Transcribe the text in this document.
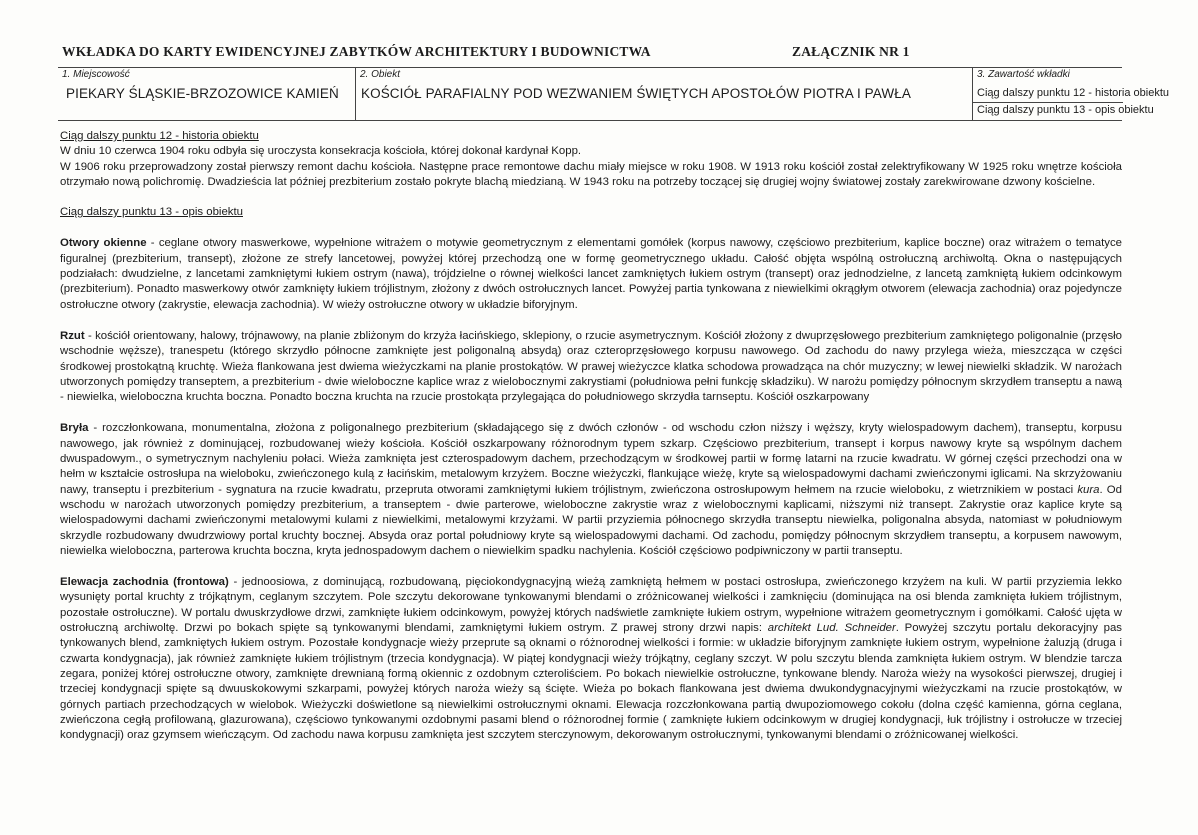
WKŁADKA DO KARTY EWIDENCYJNEJ ZABYTKÓW ARCHITEKTURY I BUDOWNICTWA	ZAŁĄCZNIK NR 1
1. Miejscowość
PIEKARY ŚLĄSKIE-BRZOZOWICE KAMIEŃ
2. Obiekt
KOŚCIÓŁ PARAFIALNY POD WEZWANIEM ŚWIĘTYCH APOSTOŁÓW PIOTRA I PAWŁA
3. Zawartość wkładki
Ciąg dalszy punktu 12 - historia obiektu
Ciąg dalszy punktu 13 - opis obiektu

Ciąg dalszy punktu 12 - historia obiektu

W dniu 10 czerwca 1904 roku odbyła się uroczysta konsekracja kościoła, której dokonał kardynał Kopp.

W 1906 roku przeprowadzony został pierwszy remont dachu kościoła. Następne prace remontowe dachu miały miejsce w roku 1908. W 1913 roku kościół został zelektryfikowany W 1925 roku wnętrze kościoła otrzymało nową polichromię. Dwadzieścia lat później prezbiterium zostało pokryte blachą miedzianą. W 1943 roku na potrzeby toczącej się drugiej wojny światowej zostały zarekwirowane dzwony kościelne.

Ciąg dalszy punktu 13 - opis obiektu

Otwory okienne - ceglane otwory maswerkowe, wypełnione witrażem o motywie geometrycznym z elementami gomółek (korpus nawowy, częściowo prezbiterium, kaplice boczne) oraz witrażem o tematyce figuralnej (prezbiterium, transept), złożone ze strefy lancetowej, powyżej której przechodzą one w formę geometrycznego układu. Całość objęta wspólną ostrołuczną archiwoltą. Okna o następujących podziałach: dwudzielne, z lancetami zamkniętymi łukiem ostrym (nawa), trójdzielne o równej wielkości lancet zamkniętych łukiem ostrym (transept) oraz jednodzielne, z lancetą zamkniętą łukiem odcinkowym (prezbiterium). Ponadto maswerkowy otwór zamknięty łukiem trójlistnym, złożony z dwóch ostrołucznych lancet. Powyżej partia tynkowana z niewielkimi okrągłym otworem (elewacja zachodnia) oraz pojedyncze ostrołuczne otwory (zakrystie, elewacja zachodnia). W wieży ostrołuczne otwory w układzie biforyjnym.

Rzut - kościół orientowany, halowy, trójnawowy, na planie zbliżonym do krzyża łacińskiego, sklepiony, o rzucie asymetrycznym. Kościół złożony z dwuprzęsłowego prezbiterium zamkniętego poligonalnie (przęsło wschodnie węższe), tranespetu (którego skrzydło północne zamknięte jest poligonalną absydą) oraz czteroprzęsłowego korpusu nawowego. Od zachodu do nawy przylega wieża, mieszcząca w części środkowej prostokątną kruchtę. Wieża flankowana jest dwiema wieżyczkami na planie prostokątów. W prawej wieżyczce klatka schodowa prowadząca na chór muzyczny; w lewej niewielki składzik. W narożach utworzonych pomiędzy transeptem, a prezbiterium - dwie wieloboczne kaplice wraz z wielobocznymi zakrystiami (południowa pełni funkcję składziku). W narożu pomiędzy północnym skrzydłem transeptu a nawą - niewielka, wieloboczna kruchta boczna. Ponadto boczna kruchta na rzucie prostokąta przylegająca do południowego skrzydła tarnseptu. Kościół oszkarpowany

Bryła - rozczłonkowana, monumentalna, złożona z poligonalnego prezbiterium (składającego się z dwóch członów - od wschodu człon niższy i węższy, kryty wielospadowym dachem), transeptu, korpusu nawowego, jak również z dominującej, rozbudowanej wieży kościoła. Kościół oszkarpowany różnorodnym typem szkarp. Częściowo prezbiterium, transept i korpus nawowy kryte są wspólnym dachem dwuspadowym., o symetrycznym nachyleniu połaci. Wieża zamknięta jest czterospadowym dachem, przechodzącym w środkowej partii w formę latarni na rzucie kwadratu. W górnej części przechodzi ona w hełm w kształcie ostrosłupa na wieloboku, zwieńczonego kulą z łacińskim, metalowym krzyżem. Boczne wieżyczki, flankujące wieżę, kryte są wielospadowymi dachami zwieńczonymi iglicami. Na skrzyżowaniu nawy, transeptu i prezbiterium - sygnatura na rzucie kwadratu, przepruta otworami zamkniętymi łukiem trójlistnym, zwieńczona ostrosłupowym hełmem na rzucie wieloboku, z wietrznikiem w postaci kura. Od wschodu w narożach utworzonych pomiędzy prezbiterium, a transeptem - dwie parterowe, wieloboczne zakrystie wraz z wielobocznymi kaplicami, niższymi niż transept. Zakrystie oraz kaplice kryte są wielospadowymi dachami zwieńczonymi metalowymi kulami z niewielkimi, metalowymi krzyżami. W partii przyziemia północnego skrzydła transeptu niewielka, poligonalna absyda, natomiast w południowym skrzydle rozbudowany dwudrzwiowy portal kruchty bocznej. Absyda oraz portal południowy kryte są wielospadowymi dachami. Od zachodu, pomiędzy północnym skrzydłem transeptu, a korpusem nawowym, niewielka wieloboczna, parterowa kruchta boczna, kryta jednospadowym dachem o niewielkim spadku nachylenia. Kościół częściowo podpiwniczony w partii transeptu.

Elewacja zachodnia (frontowa) - jednoosiowa, z dominującą, rozbudowaną, pięciokondygnacyjną wieżą zamkniętą hełmem w postaci ostrosłupa, zwieńczonego krzyżem na kuli. W partii przyziemia lekko wysunięty portal kruchty z trójkątnym, ceglanym szczytem. Pole szczytu dekorowane tynkowanymi blendami o zróżnicowanej wielkości i zamknięciu (dominująca na osi blenda zamknięta łukiem trójlistnym, pozostałe ostrołuczne). W portalu dwuskrzydłowe drzwi, zamknięte łukiem odcinkowym, powyżej których nadświetle zamknięte łukiem ostrym, wypełnione witrażem geometrycznym i gomółkami. Całość ujęta w ostrołuczną archiwoltę. Drzwi po bokach spięte są tynkowanymi blendami, zamkniętymi łukiem ostrym. Z prawej strony drzwi napis: architekt Lud. Schneider. Powyżej szczytu portalu dekoracyjny pas tynkowanych blend, zamkniętych łukiem ostrym. Pozostałe kondygnacje wieży przeprute są oknami o różnorodnej wielkości i formie: w układzie biforyjnym zamknięte łukiem ostrym, wypełnione żaluzją (druga i czwarta kondygnacja), jak również zamknięte łukiem trójlistnym (trzecia kondygnacja). W piątej kondygnacji wieży trójkątny, ceglany szczyt. W polu szczytu blenda zamknięta łukiem ostrym. W blendzie tarcza zegara, poniżej której ostrołuczne otwory, zamknięte drewnianą formą okiennic z ozdobnym czteroliściem. Po bokach niewielkie ostrołuczne, tynkowane blendy. Naroża wieży na wysokości pierwszej, drugiej i trzeciej kondygnacji spięte są dwuuskokowymi szkarpami, powyżej których naroża wieży są ścięte. Wieża po bokach flankowana jest dwiema dwukondygnacyjnymi wieżyczkami na rzucie prostokątów, w górnych partiach przechodzących w wielobok. Wieżyczki doświetlone są niewielkimi ostrołucznymi oknami. Elewacja rozczłonkowana partią dwupoziomowego cokołu (dolna część kamienna, górna ceglana, zwieńczona cegłą profilowaną, glazurowana), częściowo tynkowanymi ozdobnymi pasami blend o różnorodnej formie ( zamknięte łukiem odcinkowym w drugiej kondygnacji, łuk trójlistny i ostrołucze w trzeciej kondygnacji) oraz gzymsem wieńczącym. Od zachodu nawa korpusu zamknięta jest szczytem sterczynowym, dekorowanym ostrołucznymi, tynkowanymi blendami o zróżnicowanej wielkości.
